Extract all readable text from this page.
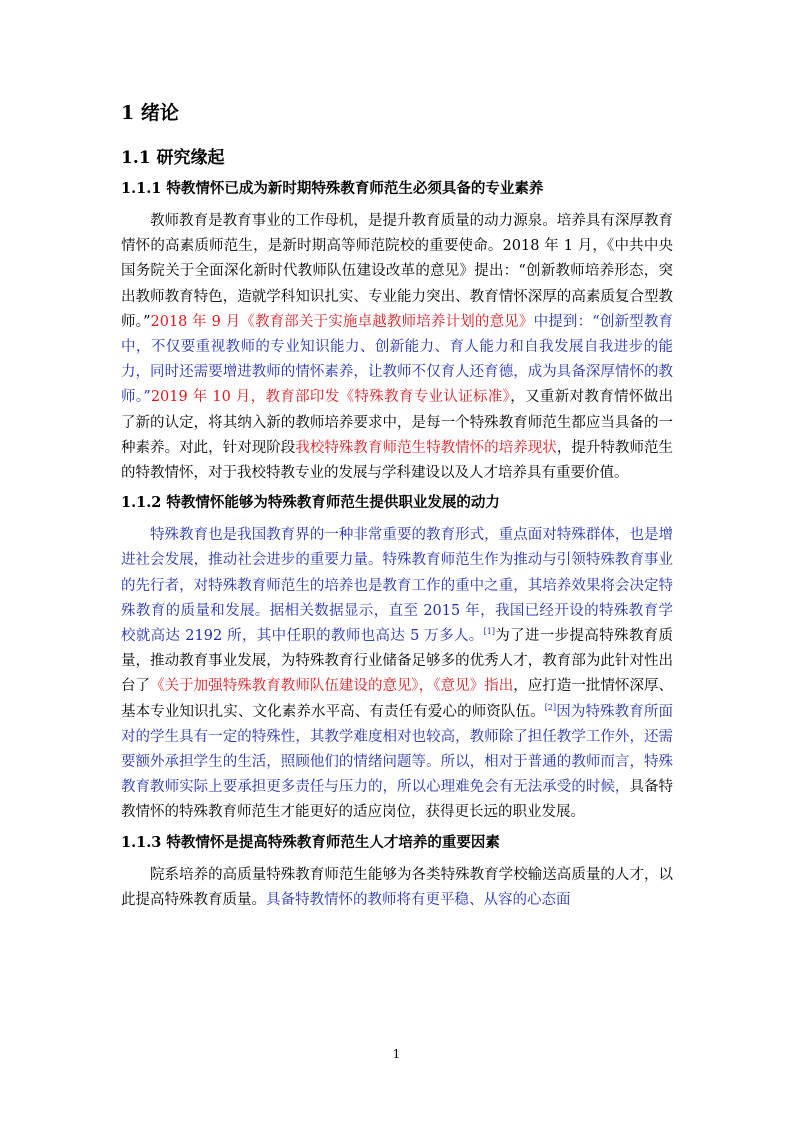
1 绪论
1.1 研究缘起
1.1.1 特教情怀已成为新时期特殊教育师范生必须具备的专业素养

教师教育是教育事业的工作母机，是提升教育质量的动力源泉。培养具有深厚教育情怀的高素质师范生，是新时期高等师范院校的重要使命。2018 年 1 月，《中共中央国务院关于全面深化新时代教师队伍建设改革的意见》提出：“创新教师培养形态，突出教师教育特色，造就学科知识扎实、专业能力突出、教育情怀深厚的高素质复合型教师。”2018 年 9 月《教育部关于实施卓越教师培养计划的意见》中提到：“创新型教育中，不仅要重视教师的专业知识能力、创新能力、育人能力和自我发展自我进步的能力，同时还需要增进教师的情怀素养，让教师不仅育人还育德，成为具备深厚情怀的教师。”2019 年 10 月，教育部印发《特殊教育专业认证标准》，又重新对教育情怀做出了新的认定，将其纳入新的教师培养要求中，是每一个特殊教育师范生都应当具备的一种素养。对此，针对现阶段我校特殊教育师范生特教情怀的培养现状，提升特教师范生的特教情怀，对于我校特教专业的发展与学科建设以及人才培养具有重要价值。

1.1.2 特教情怀能够为特殊教育师范生提供职业发展的动力

特殊教育也是我国教育界的一种非常重要的教育形式，重点面对特殊群体，也是增进社会发展，推动社会进步的重要力量。特殊教育师范生作为推动与引领特殊教育事业的先行者，对特殊教育师范生的培养也是教育工作的重中之重，其培养效果将会决定特殊教育的质量和发展。据相关数据显示，直至 2015 年，我国已经开设的特殊教育学校就高达 2192 所，其中任职的教师也高达 5 万多人。[1]为了进一步提高特殊教育质量，推动教育事业发展，为特殊教育行业储备足够多的优秀人才，教育部为此针对性出台了《关于加强特殊教育教师队伍建设的意见》，《意见》指出，应打造一批情怀深厚、基本专业知识扎实、文化素养水平高、有责任有爱心的师资队伍。[2]因为特殊教育所面对的学生具有一定的特殊性，其教学难度相对也较高，教师除了担任教学工作外，还需要额外承担学生的生活，照顾他们的情绪问题等。所以，相对于普通的教师而言，特殊教育教师实际上要承担更多责任与压力的，所以心理难免会有无法承受的时候，具备特教情怀的特殊教育师范生才能更好的适应岗位，获得更长远的职业发展。

1.1.3 特教情怀是提高特殊教育师范生人才培养的重要因素

院系培养的高质量特殊教育师范生能够为各类特殊教育学校输送高质量的人才，以此提高特殊教育质量。具备特教情怀的教师将有更平稳、从容的心态面

1
